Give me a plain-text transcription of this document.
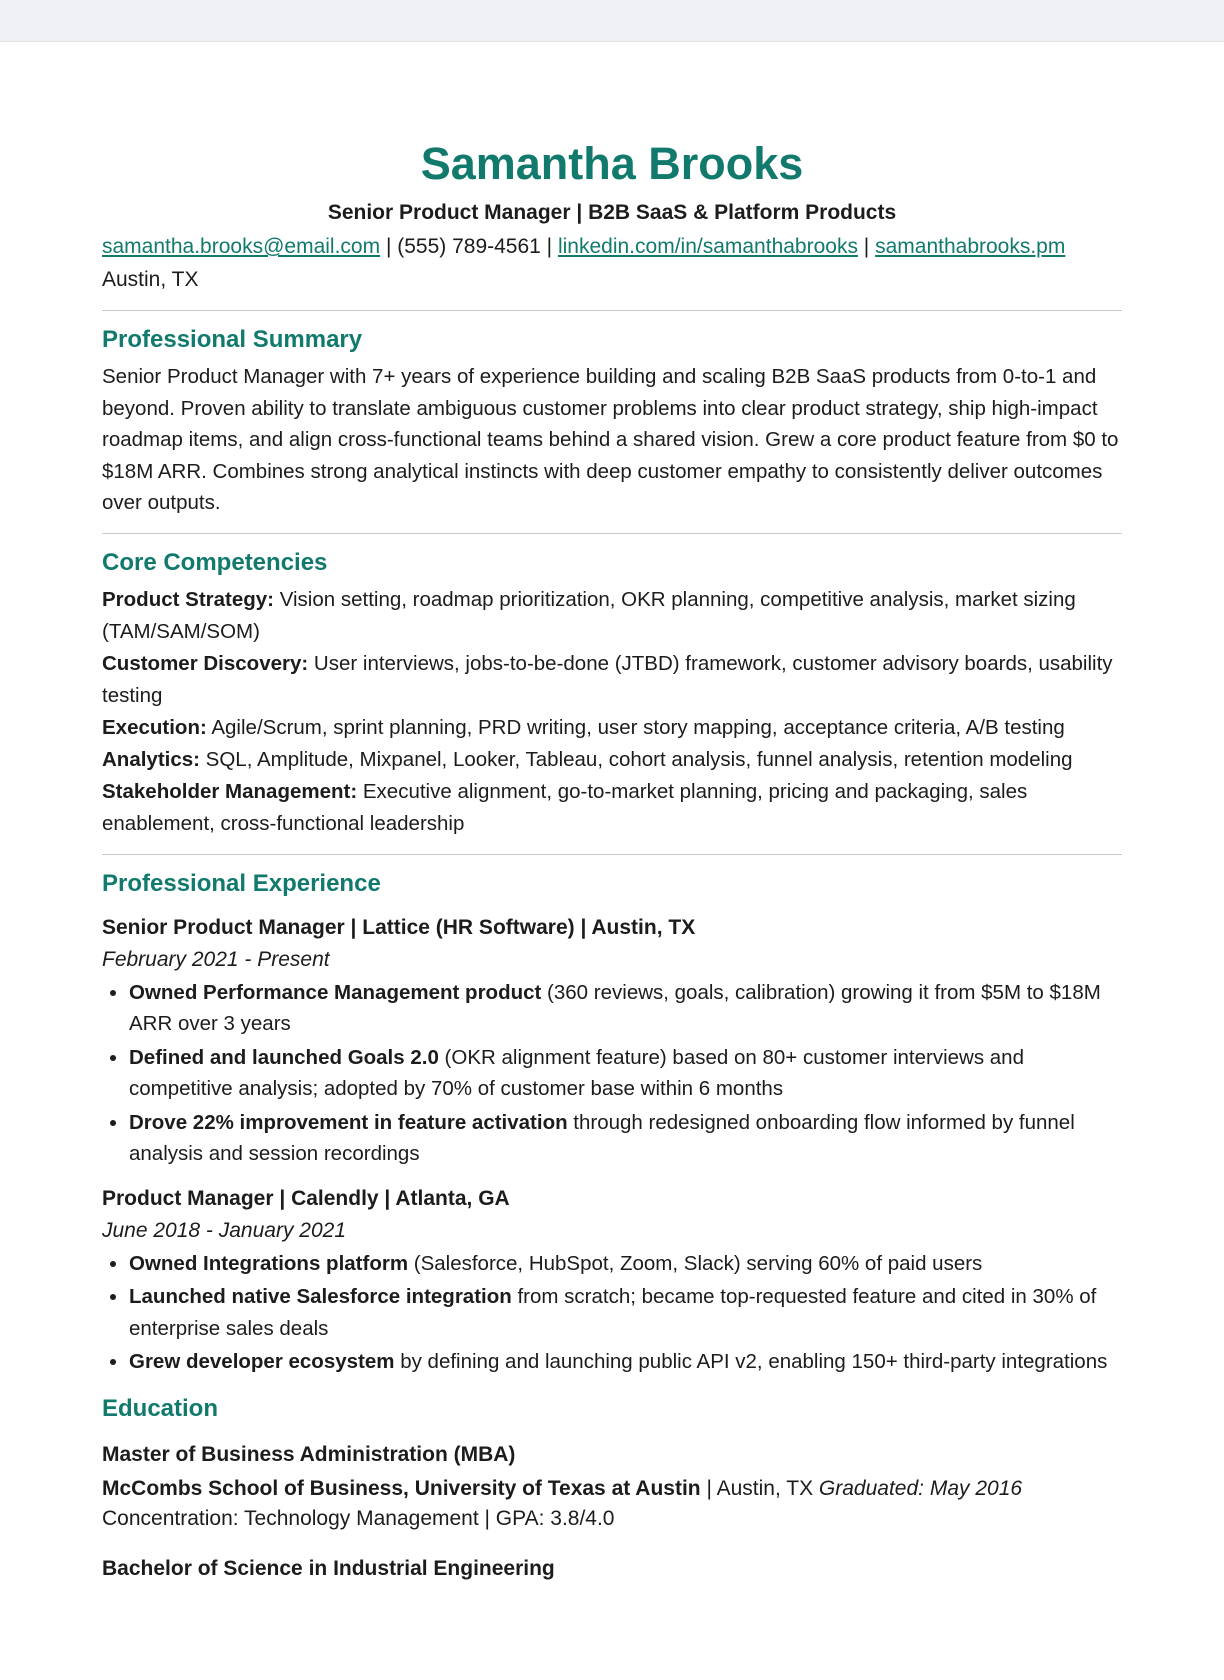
Samantha Brooks
Senior Product Manager | B2B SaaS & Platform Products
samantha.brooks@email.com | (555) 789-4561 | linkedin.com/in/samanthabrooks | samanthabrooks.pm
Austin, TX
Professional Summary

Senior Product Manager with 7+ years of experience building and scaling B2B SaaS products from 0-to-1 and beyond. Proven ability to translate ambiguous customer problems into clear product strategy, ship high-impact roadmap items, and align cross-functional teams behind a shared vision. Grew a core product feature from $0 to $18M ARR. Combines strong analytical instincts with deep customer empathy to consistently deliver outcomes over outputs.

Core Competencies

Product Strategy: Vision setting, roadmap prioritization, OKR planning, competitive analysis, market sizing (TAM/SAM/SOM)

Customer Discovery: User interviews, jobs-to-be-done (JTBD) framework, customer advisory boards, usability testing

Execution: Agile/Scrum, sprint planning, PRD writing, user story mapping, acceptance criteria, A/B testing

Analytics: SQL, Amplitude, Mixpanel, Looker, Tableau, cohort analysis, funnel analysis, retention modeling

Stakeholder Management: Executive alignment, go-to-market planning, pricing and packaging, sales enablement, cross-functional leadership

Professional Experience

Senior Product Manager | Lattice (HR Software) | Austin, TX

February 2021 - Present

• Owned Performance Management product (360 reviews, goals, calibration) growing it from $5M to $18M ARR over 3 years
• Defined and launched Goals 2.0 (OKR alignment feature) based on 80+ customer interviews and competitive analysis; adopted by 70% of customer base within 6 months
• Drove 22% improvement in feature activation through redesigned onboarding flow informed by funnel analysis and session recordings

Product Manager | Calendly | Atlanta, GA

June 2018 - January 2021

• Owned Integrations platform (Salesforce, HubSpot, Zoom, Slack) serving 60% of paid users
• Launched native Salesforce integration from scratch; became top-requested feature and cited in 30% of enterprise sales deals
• Grew developer ecosystem by defining and launching public API v2, enabling 150+ third-party integrations
Education

Master of Business Administration (MBA)

McCombs School of Business, University of Texas at Austin | Austin, TX Graduated: May 2016

Concentration: Technology Management | GPA: 3.8/4.0

Bachelor of Science in Industrial Engineering
